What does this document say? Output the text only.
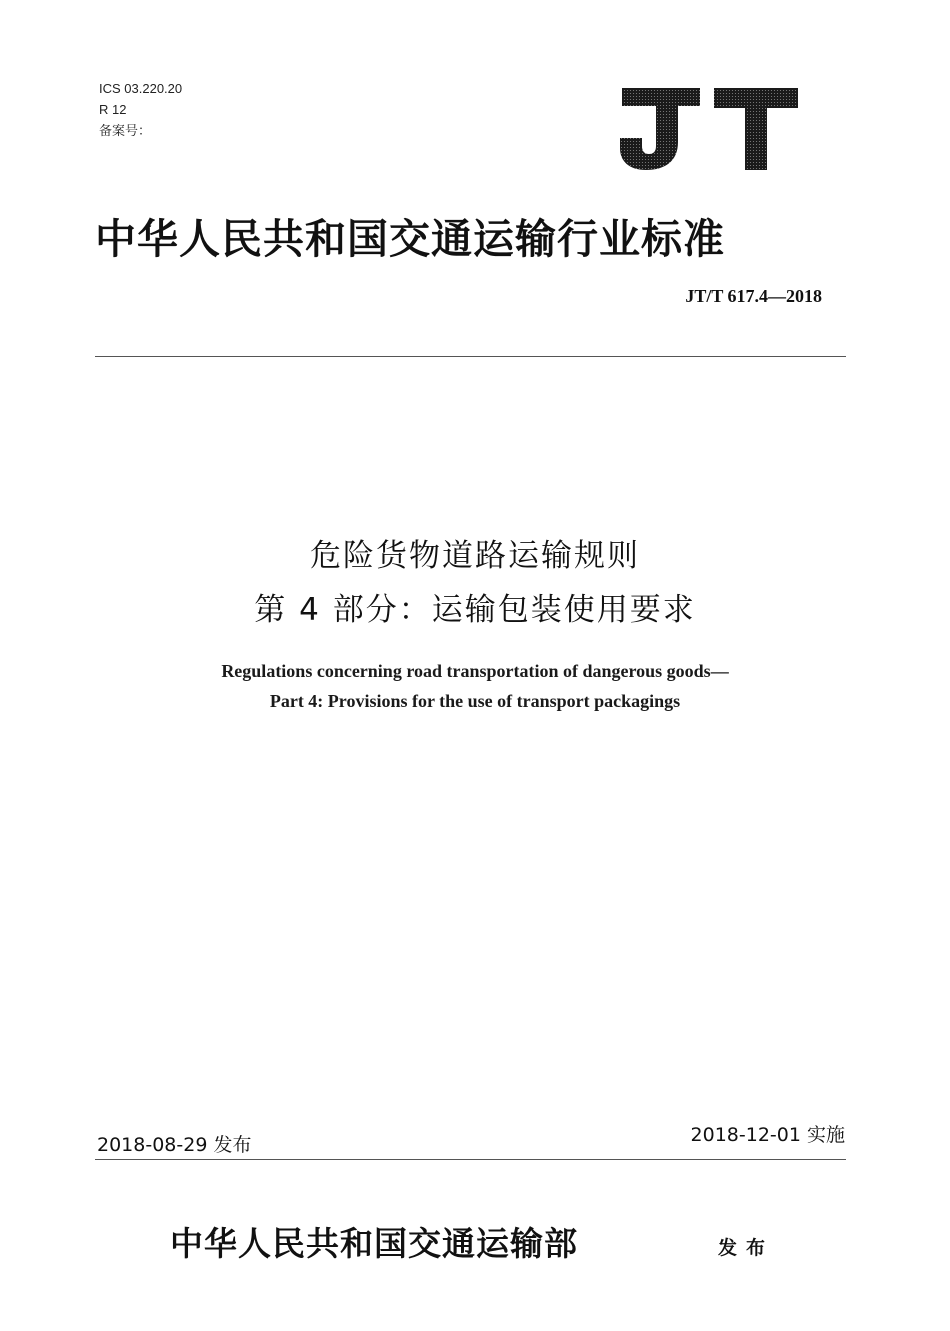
ICS 03.220.20
R 12
备案号：
中华人民共和国交通运输行业标准
JT/T 617.4—2018
危险货物道路运输规则
第 4 部分：运输包装使用要求
Regulations concerning road transportation of dangerous goods—
Part 4: Provisions for the use of transport packagings
2018-08-29 发布	2018-12-01 实施
中华人民共和国交通运输部	发布
